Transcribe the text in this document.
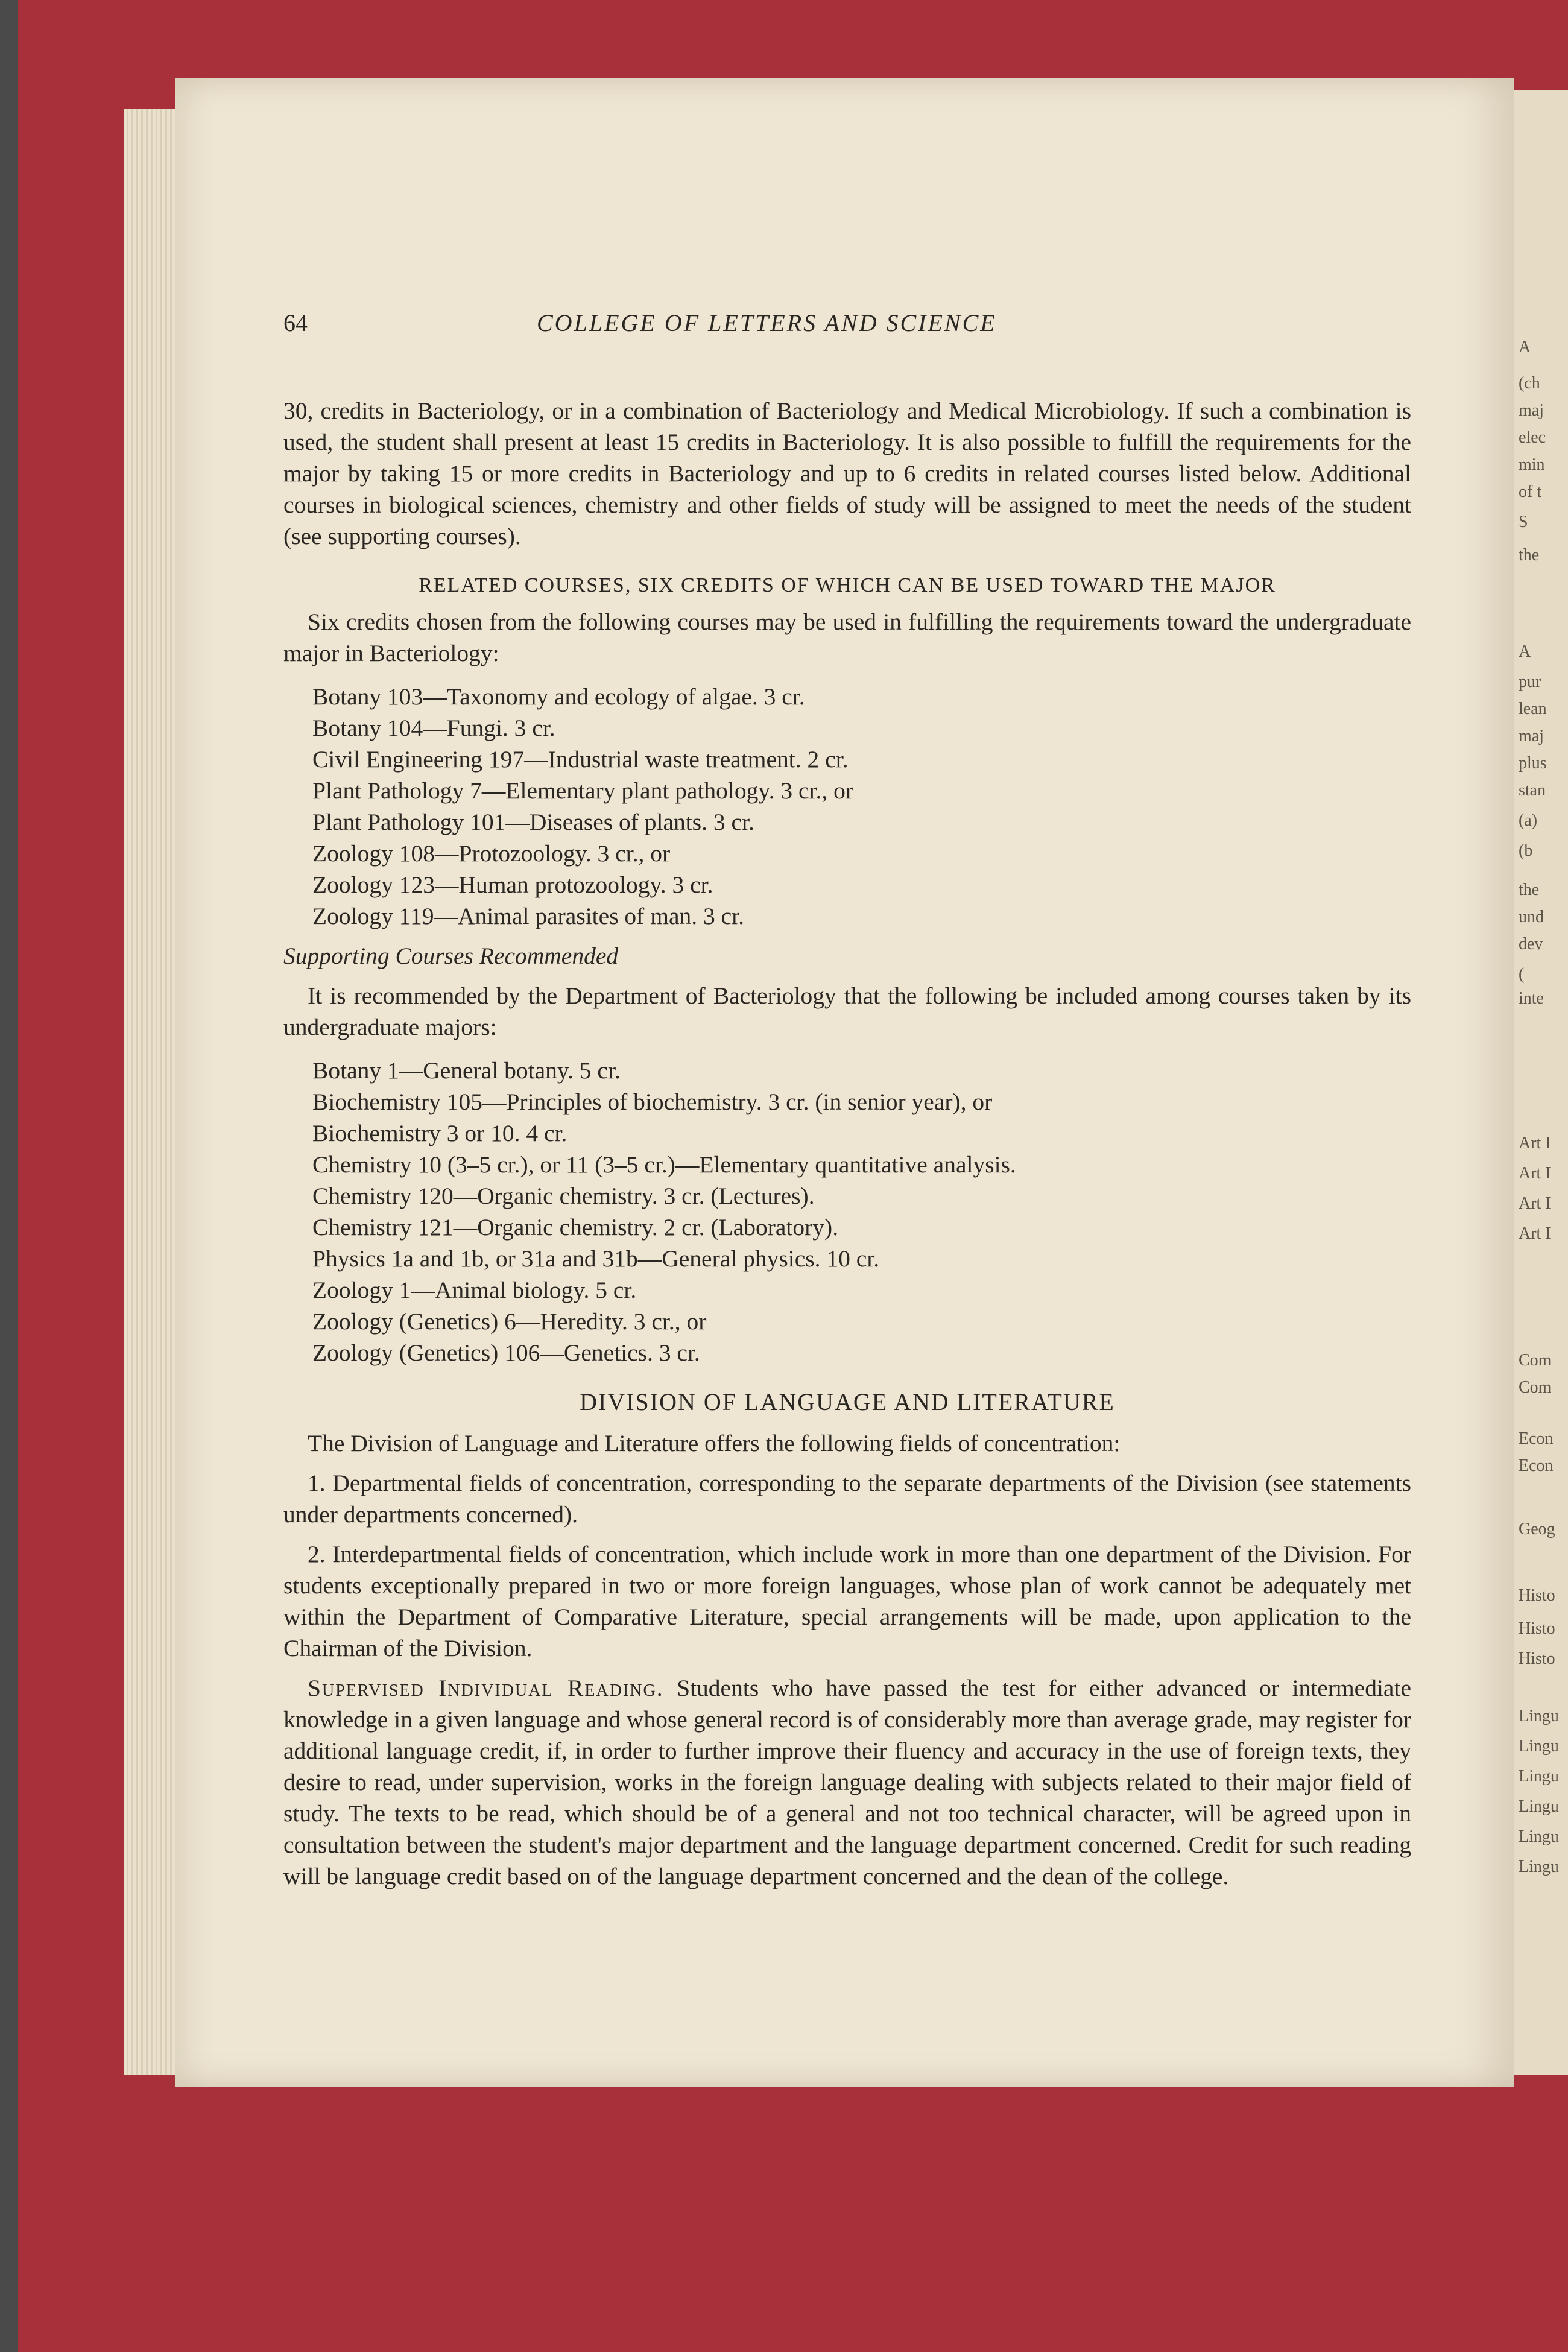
A
(ch
maj
elec
min
of t
S
the
A
pur
lean
maj
plus
stan
(a)
(b
the
und
dev
(
inte
Art I
Art I
Art I
Art I
Com
Com
Econ
Econ
Geog
Histo
Histo
Histo
Lingu
Lingu
Lingu
Lingu
Lingu
Lingu
64	COLLEGE OF LETTERS AND SCIENCE

30, credits in Bacteriology, or in a combination of Bacteriology and Medical Microbiology. If such a combination is used, the student shall present at least 15 credits in Bacteriology. It is also possible to fulfill the requirements for the major by taking 15 or more credits in Bacteriology and up to 6 credits in related courses listed below. Additional courses in biological sciences, chemistry and other fields of study will be assigned to meet the needs of the student (see supporting courses).

RELATED COURSES, SIX CREDITS OF WHICH CAN BE USED TOWARD THE MAJOR

Six credits chosen from the following courses may be used in fulfilling the requirements toward the undergraduate major in Bacteriology:

Botany 103—Taxonomy and ecology of algae. 3 cr.
Botany 104—Fungi. 3 cr.
Civil Engineering 197—Industrial waste treatment. 2 cr.
Plant Pathology 7—Elementary plant pathology. 3 cr., or
Plant Pathology 101—Diseases of plants. 3 cr.
Zoology 108—Protozoology. 3 cr., or
Zoology 123—Human protozoology. 3 cr.
Zoology 119—Animal parasites of man. 3 cr.

Supporting Courses Recommended

It is recommended by the Department of Bacteriology that the following be included among courses taken by its undergraduate majors:

Botany 1—General botany. 5 cr.
Biochemistry 105—Principles of biochemistry. 3 cr. (in senior year), or
Biochemistry 3 or 10. 4 cr.
Chemistry 10 (3–5 cr.), or 11 (3–5 cr.)—Elementary quantitative analysis.
Chemistry 120—Organic chemistry. 3 cr. (Lectures).
Chemistry 121—Organic chemistry. 2 cr. (Laboratory).
Physics 1a and 1b, or 31a and 31b—General physics. 10 cr.
Zoology 1—Animal biology. 5 cr.
Zoology (Genetics) 6—Heredity. 3 cr., or
Zoology (Genetics) 106—Genetics. 3 cr.

DIVISION OF LANGUAGE AND LITERATURE

The Division of Language and Literature offers the following fields of concentration:

1. Departmental fields of concentration, corresponding to the separate departments of the Division (see statements under departments concerned).

2. Interdepartmental fields of concentration, which include work in more than one department of the Division. For students exceptionally prepared in two or more foreign languages, whose plan of work cannot be adequately met within the Department of Comparative Literature, special arrangements will be made, upon application to the Chairman of the Division.

Supervised Individual Reading. Students who have passed the test for either advanced or intermediate knowledge in a given language and whose general record is of considerably more than average grade, may register for additional language credit, if, in order to further improve their fluency and accuracy in the use of foreign texts, they desire to read, under supervision, works in the foreign language dealing with subjects related to their major field of study. The texts to be read, which should be of a general and not too technical character, will be agreed upon in consultation between the student's major department and the language department concerned. Credit for such reading will be language credit based on of the language department concerned and the dean of the college.
